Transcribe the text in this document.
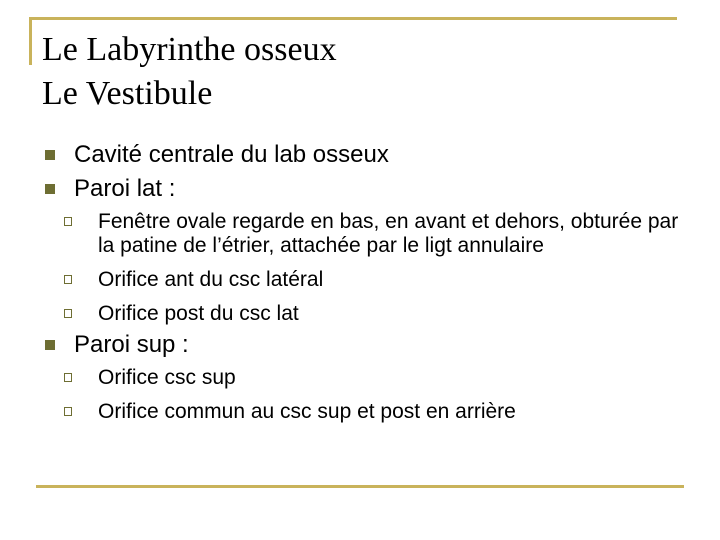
Le Labyrinthe osseux
Le Vestibule
Cavité centrale du lab osseux
Paroi lat :
Fenêtre ovale regarde en bas, en avant et dehors, obturée par la patine de l’étrier, attachée par le ligt annulaire
Orifice ant du csc latéral
Orifice post du csc lat
Paroi sup :
Orifice csc sup
Orifice commun au csc sup et post en arrière
